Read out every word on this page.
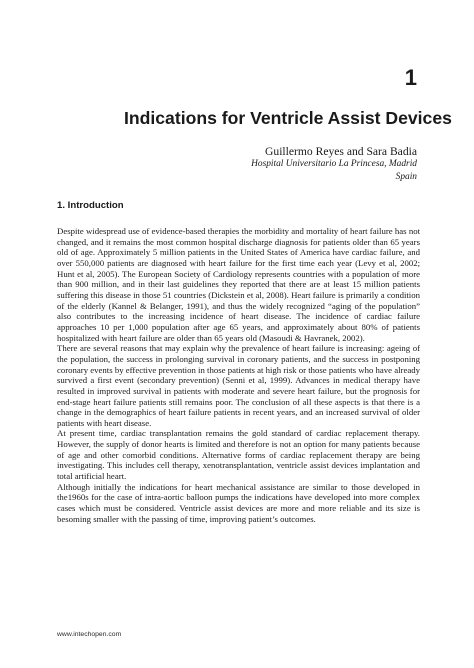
1
Indications for Ventricle Assist Devices
Guillermo Reyes and Sara Badia
Hospital Universitario La Princesa, Madrid
Spain
1. Introduction

Despite widespread use of evidence-based therapies the morbidity and mortality of heart failure has not changed, and it remains the most common hospital discharge diagnosis for patients older than 65 years old of age. Approximately 5 million patients in the United States of America have cardiac failure, and over 550,000 patients are diagnosed with heart failure for the first time each year (Levy et al, 2002; Hunt et al, 2005). The European Society of Cardiology represents countries with a population of more than 900 million, and in their last guidelines they reported that there are at least 15 million patients suffering this disease in those 51 countries (Dickstein et al, 2008). Heart failure is primarily a condition of the elderly (Kannel & Belanger, 1991), and thus the widely recognized “aging of the population” also contributes to the increasing incidence of heart disease. The incidence of cardiac failure approaches 10 per 1,000 population after age 65 years, and approximately about 80% of patients hospitalized with heart failure are older than 65 years old (Masoudi & Havranek, 2002).

There are several reasons that may explain why the prevalence of heart failure is increasing: ageing of the population, the success in prolonging survival in coronary patients, and the success in postponing coronary events by effective prevention in those patients at high risk or those patients who have already survived a first event (secondary prevention) (Senni et al, 1999). Advances in medical therapy have resulted in improved survival in patients with moderate and severe heart failure, but the prognosis for end-stage heart failure patients still remains poor. The conclusion of all these aspects is that there is a change in the demographics of heart failure patients in recent years, and an increased survival of older patients with heart disease.

At present time, cardiac transplantation remains the gold standard of cardiac replacement therapy. However, the supply of donor hearts is limited and therefore is not an option for many patients because of age and other comorbid conditions. Alternative forms of cardiac replacement therapy are being investigating. This includes cell therapy, xenotransplantation, ventricle assist devices implantation and total artificial heart.

Although initially the indications for heart mechanical assistance are similar to those developed in the1960s for the case of intra-aortic balloon pumps the indications have developed into more complex cases which must be considered. Ventricle assist devices are more and more reliable and its size is besoming smaller with the passing of time, improving patient’s outcomes.

www.intechopen.com
